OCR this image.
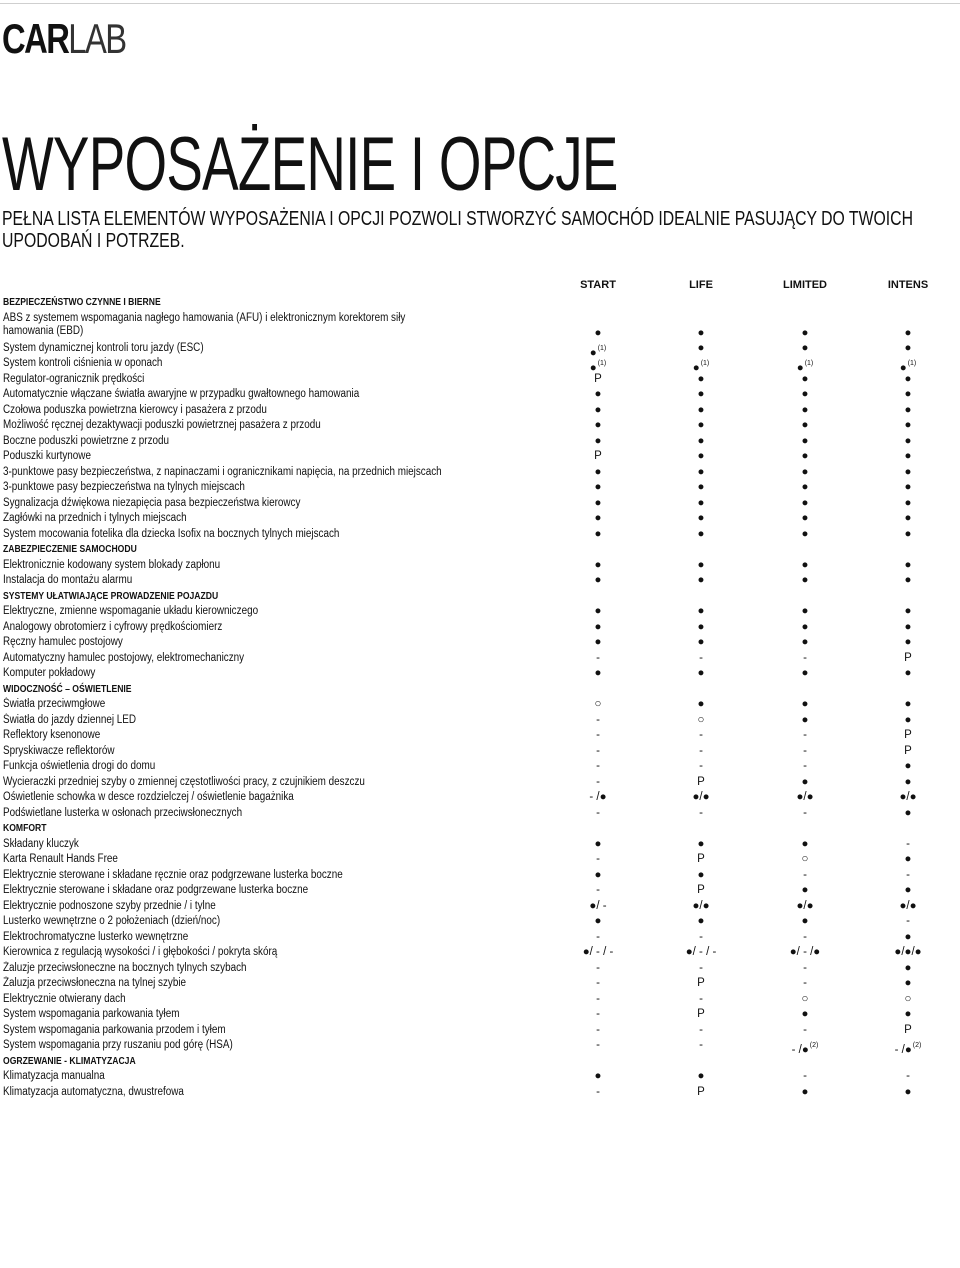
CARLAB
WYPOSAŻENIE I OPCJE
PEŁNA LISTA ELEMENTÓW WYPOSAŻENIA I OPCJI POZWOLI STWORZYĆ SAMOCHÓD IDEALNIE PASUJĄCY DO TWOICH UPODOBAŃ I POTRZEB.
START	LIFE	LIMITED	INTENS
BEZPIECZEŃSTWO CZYNNE I BIERNE
ABS z systemem wspomagania nagłego hamowania (AFU) i elektronicznym korektorem siły hamowania (EBD)	●	●	●	●
System dynamicznej kontroli toru jazdy (ESC)	●$^{(1)}$	●	●	●
System kontroli ciśnienia w oponach	●$^{(1)}$	●$^{(1)}$	●$^{(1)}$	●$^{(1)}$
Regulator-ogranicznik prędkości	P	●	●	●
Automatycznie włączane światła awaryjne w przypadku gwałtownego hamowania	●	●	●	●
Czołowa poduszka powietrzna kierowcy i pasażera z przodu	●	●	●	●
Możliwość ręcznej dezaktywacji poduszki powietrznej pasażera z przodu	●	●	●	●
Boczne poduszki powietrzne z przodu	●	●	●	●
Poduszki kurtynowe	P	●	●	●
3-punktowe pasy bezpieczeństwa, z napinaczami i ogranicznikami napięcia, na przednich miejscach	●	●	●	●
3-punktowe pasy bezpieczeństwa na tylnych miejscach	●	●	●	●
Sygnalizacja dźwiękowa niezapięcia pasa bezpieczeństwa kierowcy	●	●	●	●
Zagłówki na przednich i tylnych miejscach	●	●	●	●
System mocowania fotelika dla dziecka Isofix na bocznych tylnych miejscach	●	●	●	●
ZABEZPIECZENIE SAMOCHODU
Elektronicznie kodowany system blokady zapłonu	●	●	●	●
Instalacja do montażu alarmu	●	●	●	●
SYSTEMY UŁATWIAJĄCE PROWADZENIE POJAZDU
Elektryczne, zmienne wspomaganie układu kierowniczego	●	●	●	●
Analogowy obrotomierz i cyfrowy prędkościomierz	●	●	●	●
Ręczny hamulec postojowy	●	●	●	●
Automatyczny hamulec postojowy, elektromechaniczny	-	-	-	P
Komputer pokładowy	●	●	●	●
WIDOCZNOŚĆ – OŚWIETLENIE
Światła przeciwmgłowe	○	●	●	●
Światła do jazdy dziennej LED	-	○	●	●
Reflektory ksenonowe	-	-	-	P
Spryskiwacze reflektorów	-	-	-	P
Funkcja oświetlenia drogi do domu	-	-	-	●
Wycieraczki przedniej szyby o zmiennej częstotliwości pracy, z czujnikiem deszczu	-	P	●	●
Oświetlenie schowka w desce rozdzielczej / oświetlenie bagażnika	- /●	●/●	●/●	●/●
Podświetlane lusterka w osłonach przeciwsłonecznych	-	-	-	●
KOMFORT
Składany kluczyk	●	●	●	-
Karta Renault Hands Free	-	P	○	●
Elektrycznie sterowane i składane ręcznie oraz podgrzewane lusterka boczne	●	●	-	-
Elektrycznie sterowane i składane oraz podgrzewane lusterka boczne	-	P	●	●
Elektrycznie podnoszone szyby przednie / i tylne	●/ -	●/●	●/●	●/●
Lusterko wewnętrzne o 2 położeniach (dzień/noc)	●	●	●	-
Elektrochromatyczne lusterko wewnętrzne	-	-	-	●
Kierownica z regulacją wysokości / i głębokości / pokryta skórą	●/ - / -	●/ - / -	●/ - /●	●/●/●
Żaluzje przeciwsłoneczne na bocznych tylnych szybach	-	-	-	●
Żaluzja przeciwsłoneczna na tylnej szybie	-	P	-	●
Elektrycznie otwierany dach	-	-	○	○
System wspomagania parkowania tyłem	-	P	●	●
System wspomagania parkowania przodem i tyłem	-	-	-	P
System wspomagania przy ruszaniu pod górę (HSA)	-	-	- /●$^{(2)}$	- /●$^{(2)}$
OGRZEWANIE - KLIMATYZACJA
Klimatyzacja manualna	●	●	-	-
Klimatyzacja automatyczna, dwustrefowa	-	P	●	●
